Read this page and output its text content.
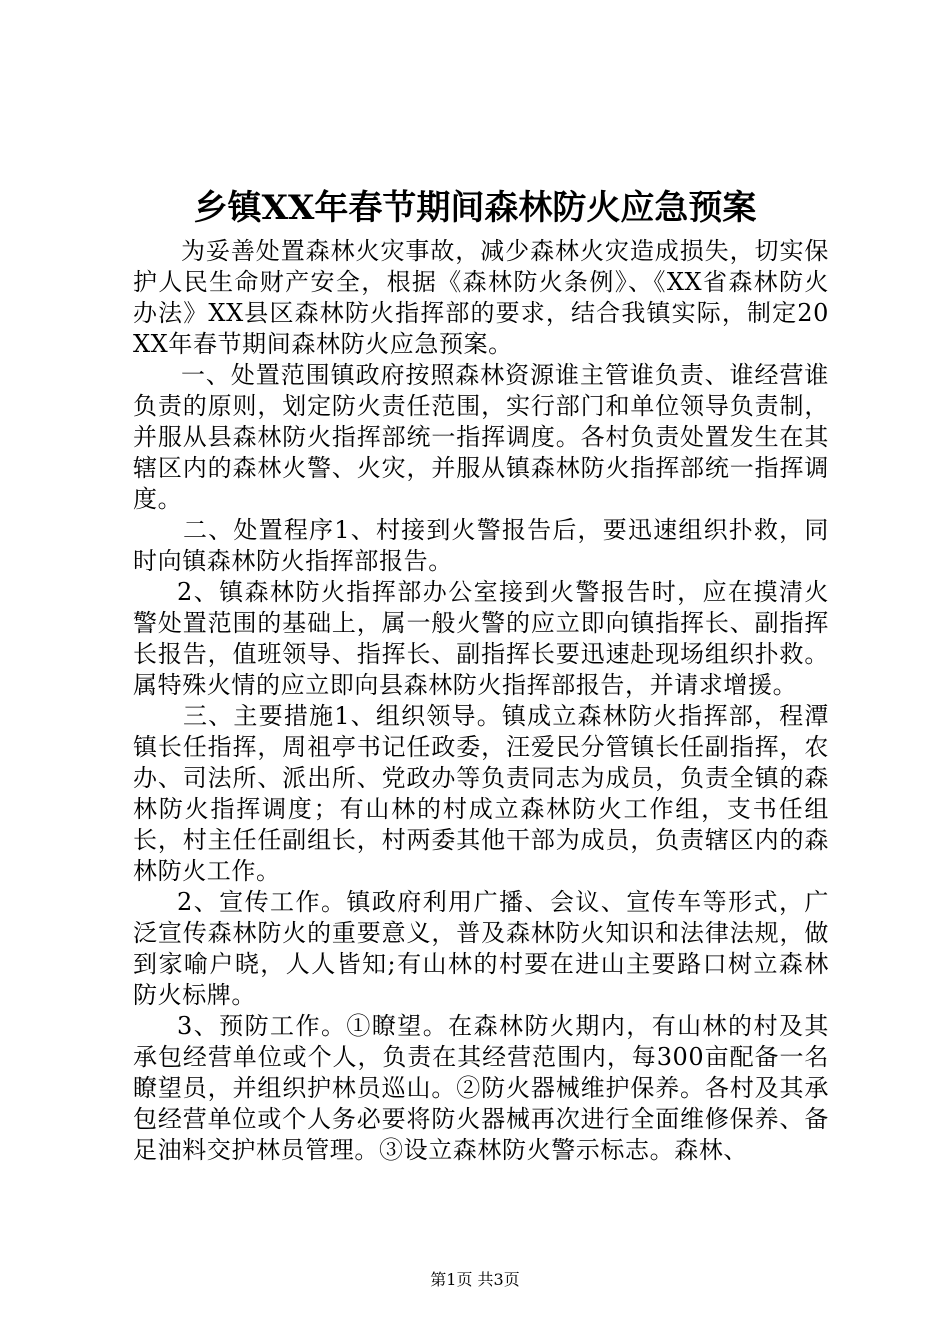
乡镇XX年春节期间森林防火应急预案

为妥善处置森林火灾事故，减少森林火灾造成损失，切实保护人民生命财产安全，根据《森林防火条例》、《XX省森林防火办法》XX县区森林防火指挥部的要求，结合我镇实际，制定20XX年春节期间森林防火应急预案。

一、处置范围镇政府按照森林资源谁主管谁负责、谁经营谁负责的原则，划定防火责任范围，实行部门和单位领导负责制，并服从县森林防火指挥部统一指挥调度。各村负责处置发生在其辖区内的森林火警、火灾，并服从镇森林防火指挥部统一指挥调度。

二、处置程序1、村接到火警报告后，要迅速组织扑救，同时向镇森林防火指挥部报告。

2、镇森林防火指挥部办公室接到火警报告时，应在摸清火警处置范围的基础上，属一般火警的应立即向镇指挥长、副指挥长报告，值班领导、指挥长、副指挥长要迅速赴现场组织扑救。属特殊火情的应立即向县森林防火指挥部报告，并请求增援。

三、主要措施1、组织领导。镇成立森林防火指挥部，程潭镇长任指挥，周祖亭书记任政委，汪爱民分管镇长任副指挥，农办、司法所、派出所、党政办等负责同志为成员，负责全镇的森林防火指挥调度；有山林的村成立森林防火工作组，支书任组长，村主任任副组长，村两委其他干部为成员，负责辖区内的森林防火工作。

2、宣传工作。镇政府利用广播、会议、宣传车等形式，广泛宣传森林防火的重要意义，普及森林防火知识和法律法规，做到家喻户晓，人人皆知;有山林的村要在进山主要路口树立森林防火标牌。

3、预防工作。①瞭望。在森林防火期内，有山林的村及其承包经营单位或个人，负责在其经营范围内，每300亩配备一名瞭望员，并组织护林员巡山。②防火器械维护保养。各村及其承包经营单位或个人务必要将防火器械再次进行全面维修保养、备足油料交护林员管理。③设立森林防火警示标志。森林、

第1页 共3页
